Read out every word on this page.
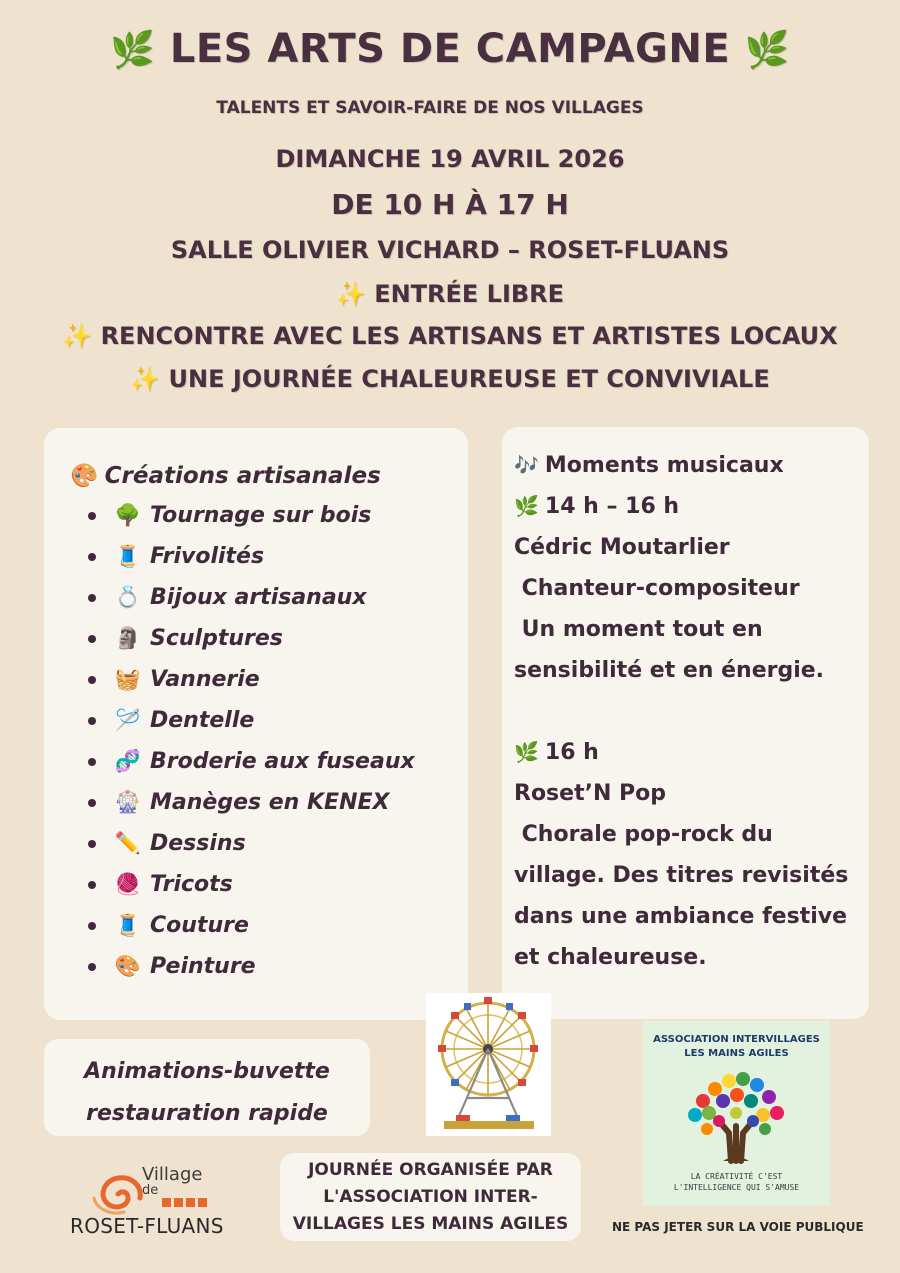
🌿 LES ARTS DE CAMPAGNE 🌿
TALENTS ET SAVOIR-FAIRE DE NOS VILLAGES
DIMANCHE 19 AVRIL 2026
DE 10 H À 17 H
SALLE OLIVIER VICHARD – ROSET-FLUANS
✨ ENTRÉE LIBRE
✨ RENCONTRE AVEC LES ARTISANS ET ARTISTES LOCAUX
✨ UNE JOURNÉE CHALEUREUSE ET CONVIVIALE
🎨 Créations artisanales
🌳 Tournage sur bois
🧵 Frivolités
💍 Bijoux artisanaux
🗿 Sculptures
🧺 Vannerie
🪡 Dentelle
🧬 Broderie aux fuseaux
🎡 Manèges en KENEX
✏️ Dessins
🧶 Tricots
🧵 Couture
🎨 Peinture
🎶 Moments musicaux
🌿 14 h – 16 h
Cédric Moutarlier
Chanteur-compositeur
Un moment tout en
sensibilité et en énergie.
🌿 16 h
Roset’N Pop
Chorale pop-rock du
village. Des titres revisités
dans une ambiance festive
et chaleureuse.
Animations-buvette
restauration rapide
ASSOCIATION INTERVILLAGES
LES MAINS AGILES
LA CRÉATIVITÉ C'EST
L'INTELLIGENCE QUI S'AMUSE
Village
de
ROSET-FLUANS
JOURNÉE ORGANISÉE PAR
L'ASSOCIATION INTER-
VILLAGES LES MAINS AGILES	NE PAS JETER SUR LA VOIE PUBLIQUE
